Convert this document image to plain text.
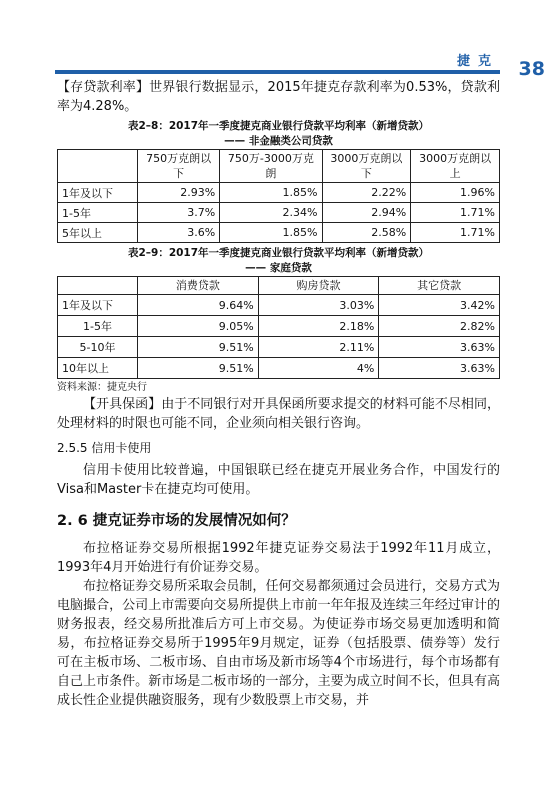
捷克 38

【存贷款利率】世界银行数据显示，2015年捷克存款利率为0.53%，贷款利率为4.28%。

表2–8：2017年一季度捷克商业银行贷款平均利率（新增贷款）
—— 非金融类公司贷款
	750万克朗以下	750万-3000万克朗	3000万克朗以下	3000万克朗以上
1年及以下	2.93%	1.85%	2.22%	1.96%
1-5年	3.7%	2.34%	2.94%	1.71%
5年以上	3.6%	1.85%	2.58%	1.71%
表2–9：2017年一季度捷克商业银行贷款平均利率（新增贷款）
—— 家庭贷款
	消费贷款	购房贷款	其它贷款
1年及以下	9.64%	3.03%	3.42%
1-5年	9.05%	2.18%	2.82%
5-10年	9.51%	2.11%	3.63%
10年以上	9.51%	4%	3.63%
资料来源：捷克央行

【开具保函】由于不同银行对开具保函所要求提交的材料可能不尽相同，处理材料的时限也可能不同，企业须向相关银行咨询。

2.5.5 信用卡使用

信用卡使用比较普遍，中国银联已经在捷克开展业务合作，中国发行的Visa和Master卡在捷克均可使用。

2. 6 捷克证券市场的发展情况如何？

布拉格证券交易所根据1992年捷克证券交易法于1992年11月成立，1993年4月开始进行有价证券交易。

布拉格证券交易所采取会员制，任何交易都须通过会员进行，交易方式为电脑撮合，公司上市需要向交易所提供上市前一年年报及连续三年经过审计的财务报表，经交易所批准后方可上市交易。为使证券市场交易更加透明和简易，布拉格证券交易所于1995年9月规定，证券（包括股票、债券等）发行可在主板市场、二板市场、自由市场及新市场等4个市场进行，每个市场都有自己上市条件。新市场是二板市场的一部分，主要为成立时间不长，但具有高成长性企业提供融资服务，现有少数股票上市交易，并
